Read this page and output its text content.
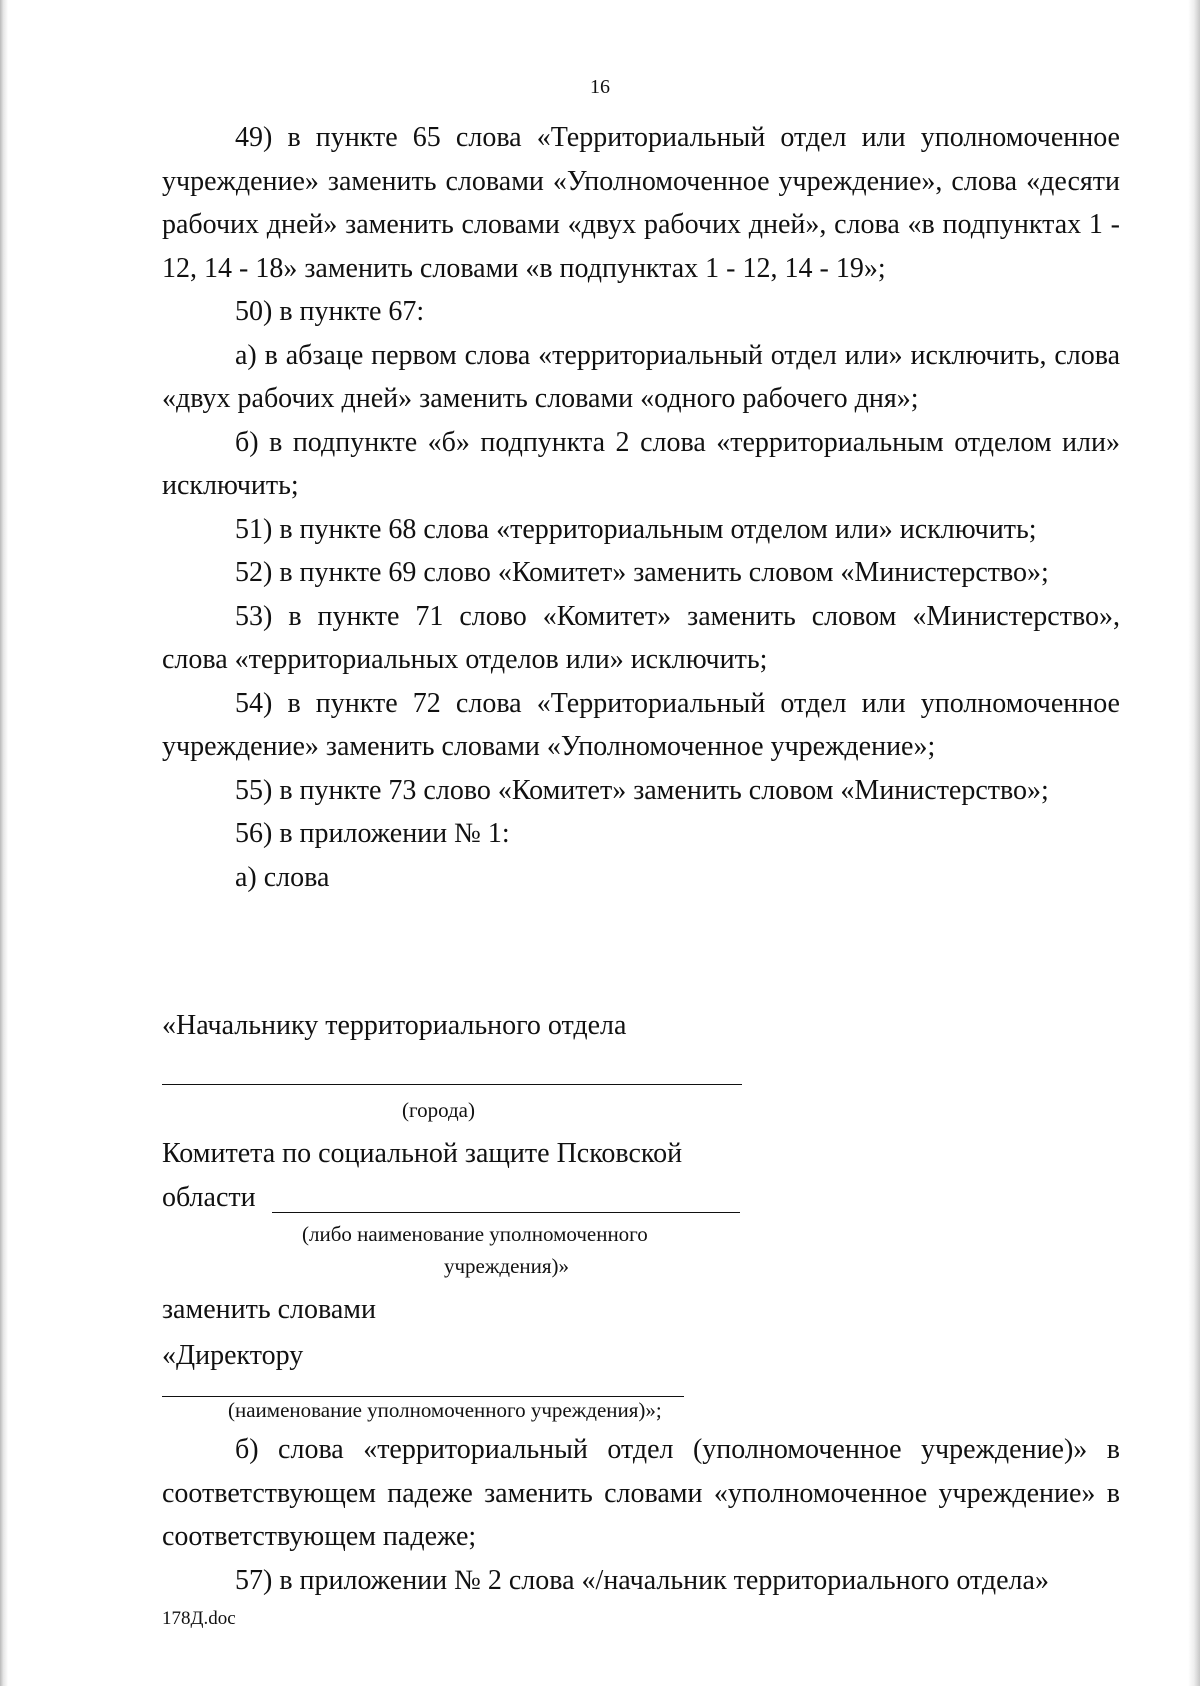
16

49) в пункте 65 слова «Территориальный отдел или уполномоченное учреждение» заменить словами «Уполномоченное учреждение», слова «десяти рабочих дней» заменить словами «двух рабочих дней», слова «в подпунктах 1 - 12, 14 - 18» заменить словами «в подпунктах 1 - 12, 14 - 19»;

50) в пункте 67:

а) в абзаце первом слова «территориальный отдел или» исключить, слова «двух рабочих дней» заменить словами «одного рабочего дня»;

б) в подпункте «б» подпункта 2 слова «территориальным отделом или» исключить;

51) в пункте 68 слова «территориальным отделом или» исключить;

52) в пункте 69 слово «Комитет» заменить словом «Министерство»;

53) в пункте 71 слово «Комитет» заменить словом «Министерство», слова «территориальных отделов или» исключить;

54) в пункте 72 слова «Территориальный отдел или уполномоченное учреждение» заменить словами «Уполномоченное учреждение»;

55) в пункте 73 слово «Комитет» заменить словом «Министерство»;

56) в приложении № 1:

а) слова

«Начальнику территориального отдела
(города)
Комитета по социальной защите Псковской
области
(либо наименование уполномоченного
учреждения)»
заменить словами
«Директору
(наименование уполномоченного учреждения)»;

б) слова «территориальный отдел (уполномоченное учреждение)» в соответствующем падеже заменить словами «уполномоченное учреждение» в соответствующем падеже;

57) в приложении № 2 слова «/начальник территориального отдела»

178Д.doc
